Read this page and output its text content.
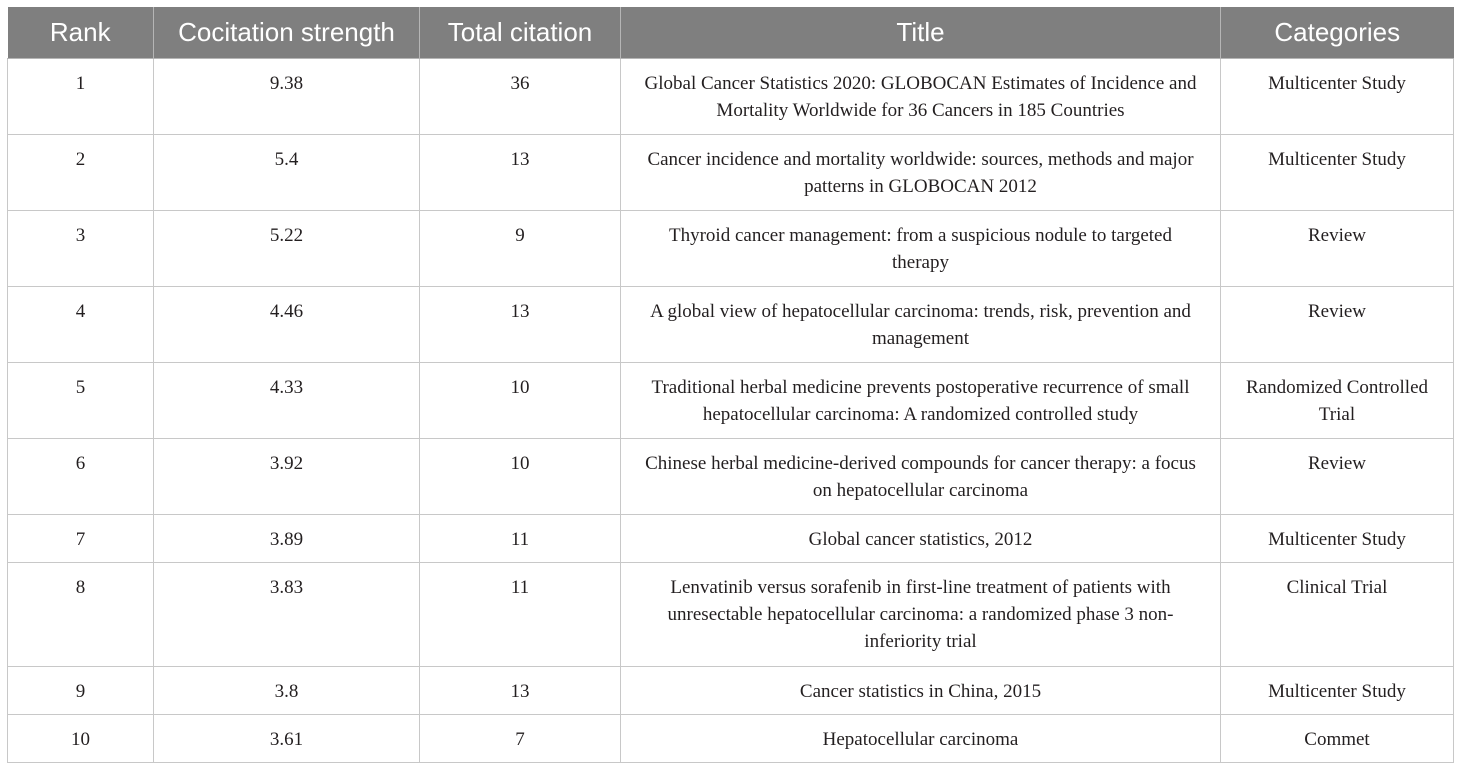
Rank	Cocitation strength	Total citation	Title	Categories
1	9.38	36	Global Cancer Statistics 2020: GLOBOCAN Estimates of Incidence and Mortality Worldwide for 36 Cancers in 185 Countries	Multicenter Study
2	5.4	13	Cancer incidence and mortality worldwide: sources, methods and major patterns in GLOBOCAN 2012	Multicenter Study
3	5.22	9	Thyroid cancer management: from a suspicious nodule to targeted therapy	Review
4	4.46	13	A global view of hepatocellular carcinoma: trends, risk, prevention and management	Review
5	4.33	10	Traditional herbal medicine prevents postoperative recurrence of small hepatocellular carcinoma: A randomized controlled study	Randomized Controlled Trial
6	3.92	10	Chinese herbal medicine-derived compounds for cancer therapy: a focus on hepatocellular carcinoma	Review
7	3.89	11	Global cancer statistics, 2012	Multicenter Study
8	3.83	11	Lenvatinib versus sorafenib in first-line treatment of patients with unresectable hepatocellular carcinoma: a randomized phase 3 non-inferiority trial	Clinical Trial
9	3.8	13	Cancer statistics in China, 2015	Multicenter Study
10	3.61	7	Hepatocellular carcinoma	Commet
